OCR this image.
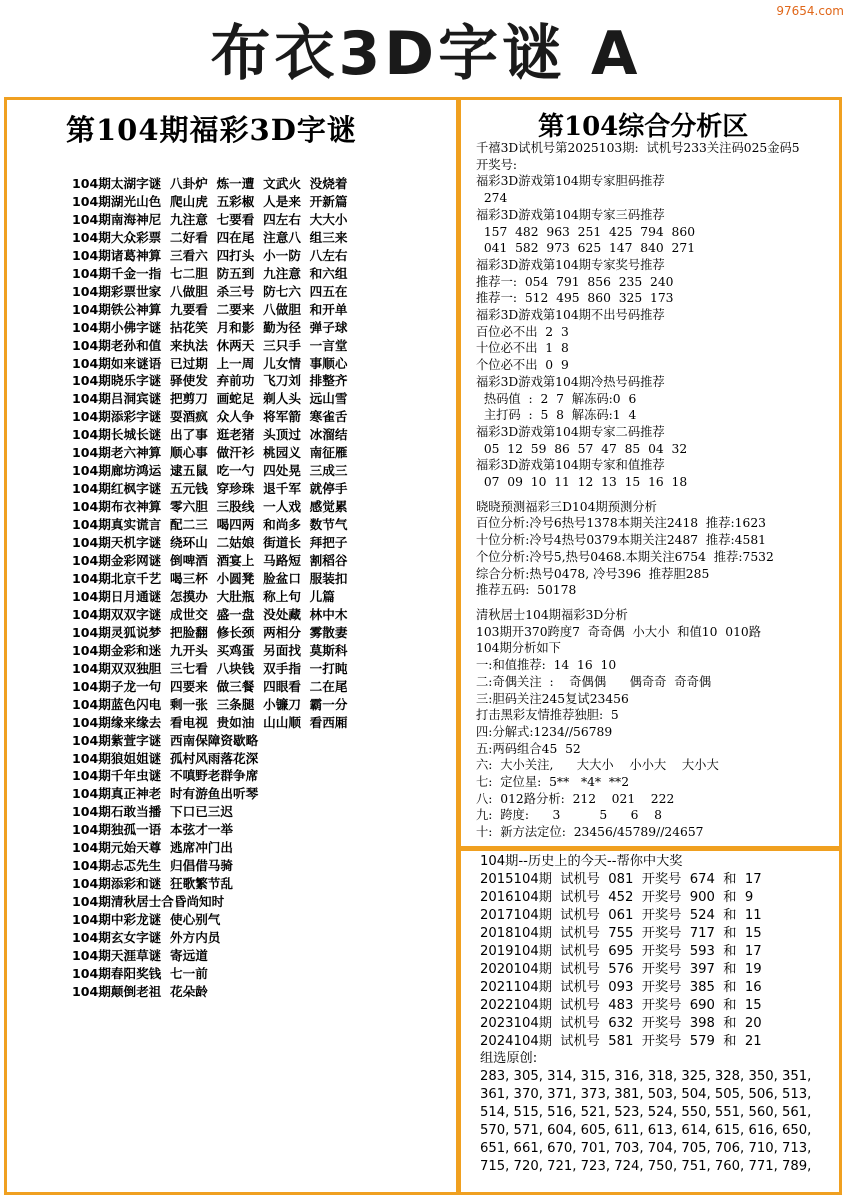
97654.com
布衣3D字谜 A
第104期福彩3D字谜
104期太湖字谜  八卦炉  炼一遭  文武火  没烧着
104期湖光山色  爬山虎  五彩椒  人是来  开新篇
104期南海神尼  九注意  七要看  四左右  大大小
104期大众彩票  二好看  四在尾  注意八  组三来
104期诸葛神算  三看六  四打头  小一防  八左右
104期千金一指  七二胆  防五到  九注意  和六组
104期彩票世家  八做胆  杀三号  防七六  四五在
104期铁公神算  九要看  二要来  八做胆  和开单
104期小佛字谜  拈花笑  月和影  勤为径  弹子球
104期老孙和值  来执法  休两天  三只手  一言堂
104期如来谜语  已过期  上一周  儿女情  事顺心
104期晓乐字谜  驿使发  弃前功  飞刀刘  排整齐
104期吕洞宾谜  把剪刀  画蛇足  剃人头  远山雪
104期添彩字谜  耍酒疯  众人争  将军箭  寒雀舌
104期长城长谜  出了事  逛老猪  头顶过  冰溜结
104期老六神算  顺心事  做汗衫  桃园义  南征雁
104期廊坊鸿运  逮五鼠  吃一勺  四处晃  三成三
104期红枫字谜  五元钱  穿珍珠  退千军  就停手
104期布衣神算  零六胆  三股线  一人戏  感觉累
104期真实谎言  配二三  喝四两  和尚多  数节气
104期天机字谜  绕环山  二姑娘  街道长  拜把子
104期金彩网谜  倒啤酒  酒宴上  马路短  割稻谷
104期北京千艺  喝三杯  小圆凳  脸盆口  服装扣
104期日月通谜  怎摸办  大肚瓶  称上句  儿篇
104期双双字谜  成世交  盛一盘  没处藏  林中木
104期灵狐说梦  把脸翻  修长颈  两相分  雾散妻
104期金彩和迷  九开头  买鸡蛋  另面找  莫斯科
104期双双独胆  三七看  八块钱  双手指  一打盹
104期子龙一句  四要来  做三餐  四眼看  二在尾
104期蓝色闪电  剩一张  三条腿  小镰刀  霸一分
104期缘来缘去  看电视  贵如油  山山顺  看西厢
104期紫萱字谜  西南保障资歇略
104期狼姐姐谜  孤村风雨落花深
104期千年虫谜  不嗔野老群争席
104期真正神老  时有游鱼出听琴
104期石敢当播  下口已三迟
104期独孤一语  本弦才一举
104期元始天尊  逃席冲门出
104期忐忑先生  归倡借马骑
104期添彩和谜  狂歌繁节乱
104期清秋居士合昏尚知时
104期中彩龙谜  使心别气
104期玄女字谜  外方内员
104期天涯草谜  寄远道
104期春阳奖钱  七一前
104期颠倒老祖  花朵龄
第104综合分析区
千禧3D试机号第2025103期:  试机号233关注码025金码5
开奖号:
福彩3D游戏第104期专家胆码推荐
274
福彩3D游戏第104期专家三码推荐
157  482  963  251  425  794  860
041  582  973  625  147  840  271
福彩3D游戏第104期专家奖号推荐
推荐一:  054  791  856  235  240
推荐一:  512  495  860  325  173
福彩3D游戏第104期不出号码推荐
百位必不出  2  3
十位必不出  1  8
个位必不出  0  9
福彩3D游戏第104期冷热号码推荐
热码值  :  2  7  解冻码:0  6
主打码  :  5  8  解冻码:1  4
福彩3D游戏第104期专家二码推荐
05  12  59  86  57  47  85  04  32
福彩3D游戏第104期专家和值推荐
07  09  10  11  12  13  15  16  18
晓晓预测福彩三D104期预测分析
百位分析:冷号6热号1378本期关注2418  推荐:1623
十位分析:冷号4热号0379本期关注2487  推荐:4581
个位分析:冷号5,热号0468.本期关注6754  推荐:7532
综合分析:热号0478, 冷号396  推荐胆285
推荐五码:  50178
清秋居士104期福彩3D分析
103期开370跨度7  奇奇偶  小大小  和值10  010路
104期分析如下
一:和值推荐:  14  16  10
二:奇偶关注  :    奇偶偶      偶奇奇  奇奇偶
三:胆码关注245复试23456
打击黑彩友情推荐独胆:  5
四:分解式:1234//56789
五:两码组合45  52
六:  大小关注,      大大小    小小大    大小大
七:  定位星:  5**   *4*  **2
八:  012路分析:  212    021    222
九:  跨度:      3          5      6    8
十:  新方法定位:  23456/45789//24657
104期--历史上的今天--帮你中大奖
2015104期  试机号  081  开奖号  674  和  17
2016104期  试机号  452  开奖号  900  和  9
2017104期  试机号  061  开奖号  524  和  11
2018104期  试机号  755  开奖号  717  和  15
2019104期  试机号  695  开奖号  593  和  17
2020104期  试机号  576  开奖号  397  和  19
2021104期  试机号  093  开奖号  385  和  16
2022104期  试机号  483  开奖号  690  和  15
2023104期  试机号  632  开奖号  398  和  20
2024104期  试机号  581  开奖号  579  和  21
组选原创:
283, 305, 314, 315, 316, 318, 325, 328, 350, 351,
361, 370, 371, 373, 381, 503, 504, 505, 506, 513,
514, 515, 516, 521, 523, 524, 550, 551, 560, 561,
570, 571, 604, 605, 611, 613, 614, 615, 616, 650,
651, 661, 670, 701, 703, 704, 705, 706, 710, 713,
715, 720, 721, 723, 724, 750, 751, 760, 771, 789,
